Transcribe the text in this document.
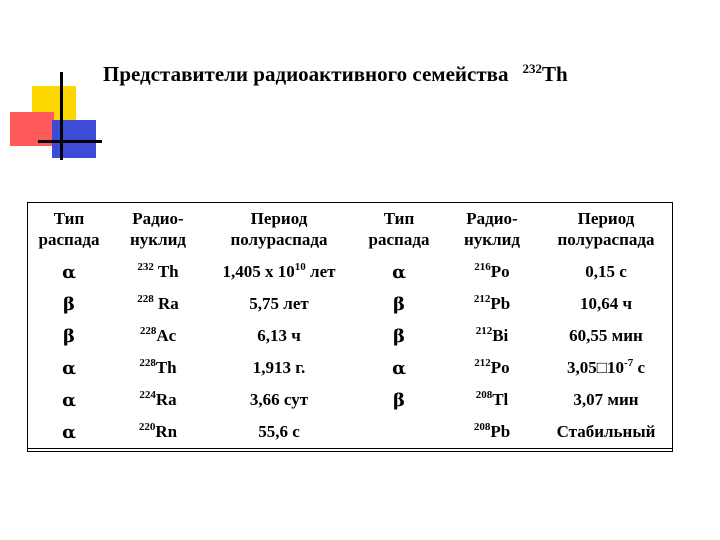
Представители радиоактивного семейства $^{232}$Th
Тип распада	Радио-нуклид	Период полураспада	Тип распада	Радио-нуклид	Период полураспада
α	$^{232}$ Th	1,405 x $10^{10}$ лет	α	$^{216}$Po	0,15 с
β	$^{228}$ Ra	5,75 лет	β	$^{212}$Pb	10,64 ч
β	$^{228}$Ac	6,13 ч	β	$^{212}$Bi	60,55 мин
α	$^{228}$Th	1,913 г.	α	$^{212}$Po	$3,05□10^{-7}$ с
α	$^{224}$Ra	3,66 сут	β	$^{208}$Tl	3,07 мин
α	$^{220}$Rn	55,6 с		$^{208}$Pb	Стабильный
